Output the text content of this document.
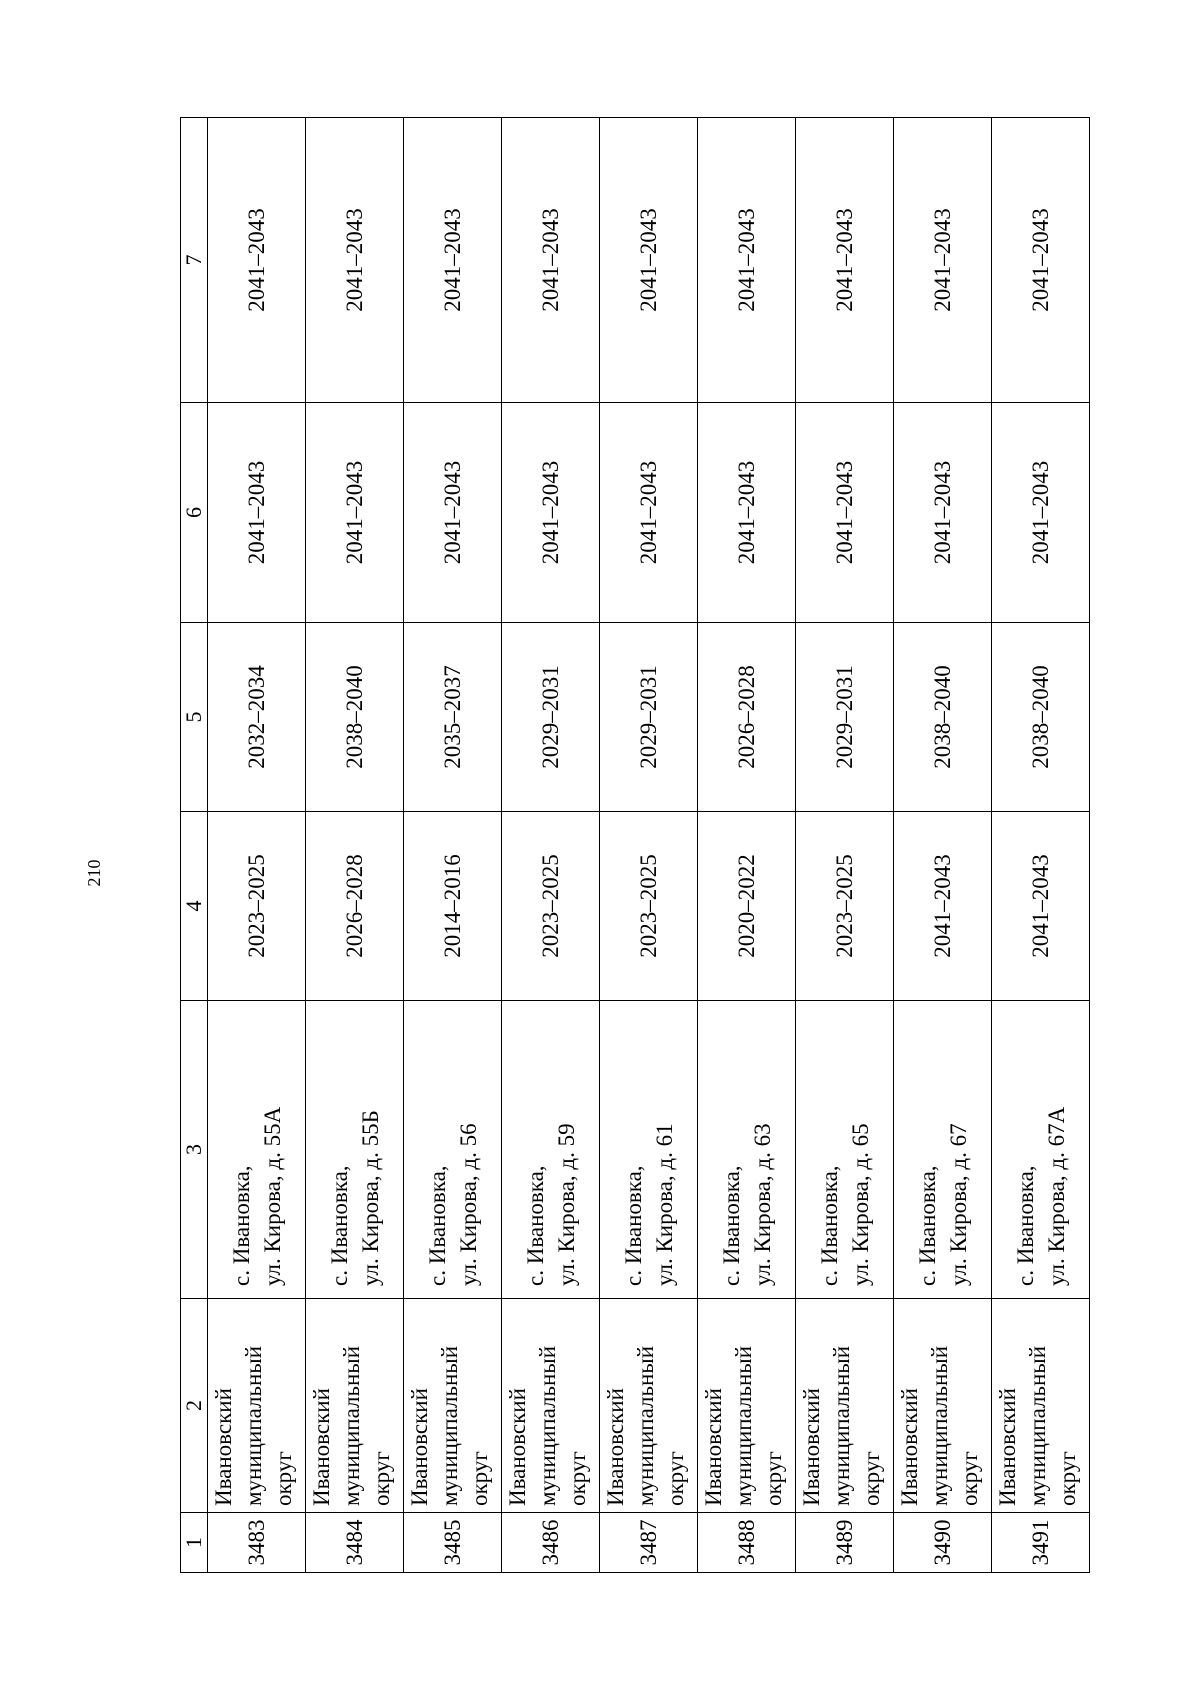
210
1	2	3	4	5	6	7
3483	Ивановский муниципальный округ	с. Ивановка, ул. Кирова, д. 55А	2023–2025	2032–2034	2041–2043	2041–2043
3484	Ивановский муниципальный округ	с. Ивановка, ул. Кирова, д. 55Б	2026–2028	2038–2040	2041–2043	2041–2043
3485	Ивановский муниципальный округ	с. Ивановка, ул. Кирова, д. 56	2014–2016	2035–2037	2041–2043	2041–2043
3486	Ивановский муниципальный округ	с. Ивановка, ул. Кирова, д. 59	2023–2025	2029–2031	2041–2043	2041–2043
3487	Ивановский муниципальный округ	с. Ивановка, ул. Кирова, д. 61	2023–2025	2029–2031	2041–2043	2041–2043
3488	Ивановский муниципальный округ	с. Ивановка, ул. Кирова, д. 63	2020–2022	2026–2028	2041–2043	2041–2043
3489	Ивановский муниципальный округ	с. Ивановка, ул. Кирова, д. 65	2023–2025	2029–2031	2041–2043	2041–2043
3490	Ивановский муниципальный округ	с. Ивановка, ул. Кирова, д. 67	2041–2043	2038–2040	2041–2043	2041–2043
3491	Ивановский муниципальный округ	с. Ивановка, ул. Кирова, д. 67А	2041–2043	2038–2040	2041–2043	2041–2043
